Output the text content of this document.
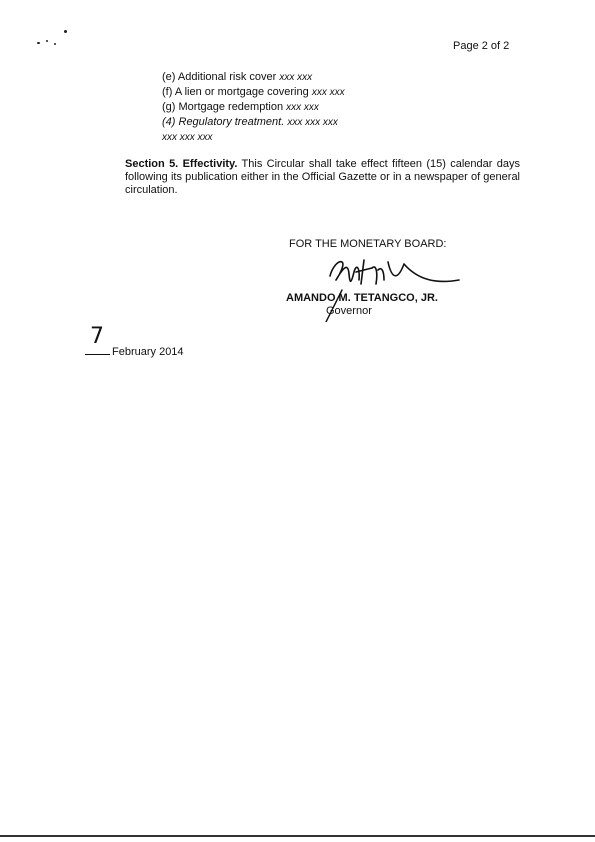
Page 2 of 2
(e) Additional risk cover xxx xxx
(f) A lien or mortgage covering xxx xxx
(g) Mortgage redemption xxx xxx
(4) Regulatory treatment. xxx xxx xxx
xxx xxx xxx
Section 5. Effectivity. This Circular shall take effect fifteen (15) calendar days following its publication either in the Official Gazette or in a newspaper of general circulation.
FOR THE MONETARY BOARD:
AMANDO M. TETANGCO, JR.
Governor
7
February 2014
